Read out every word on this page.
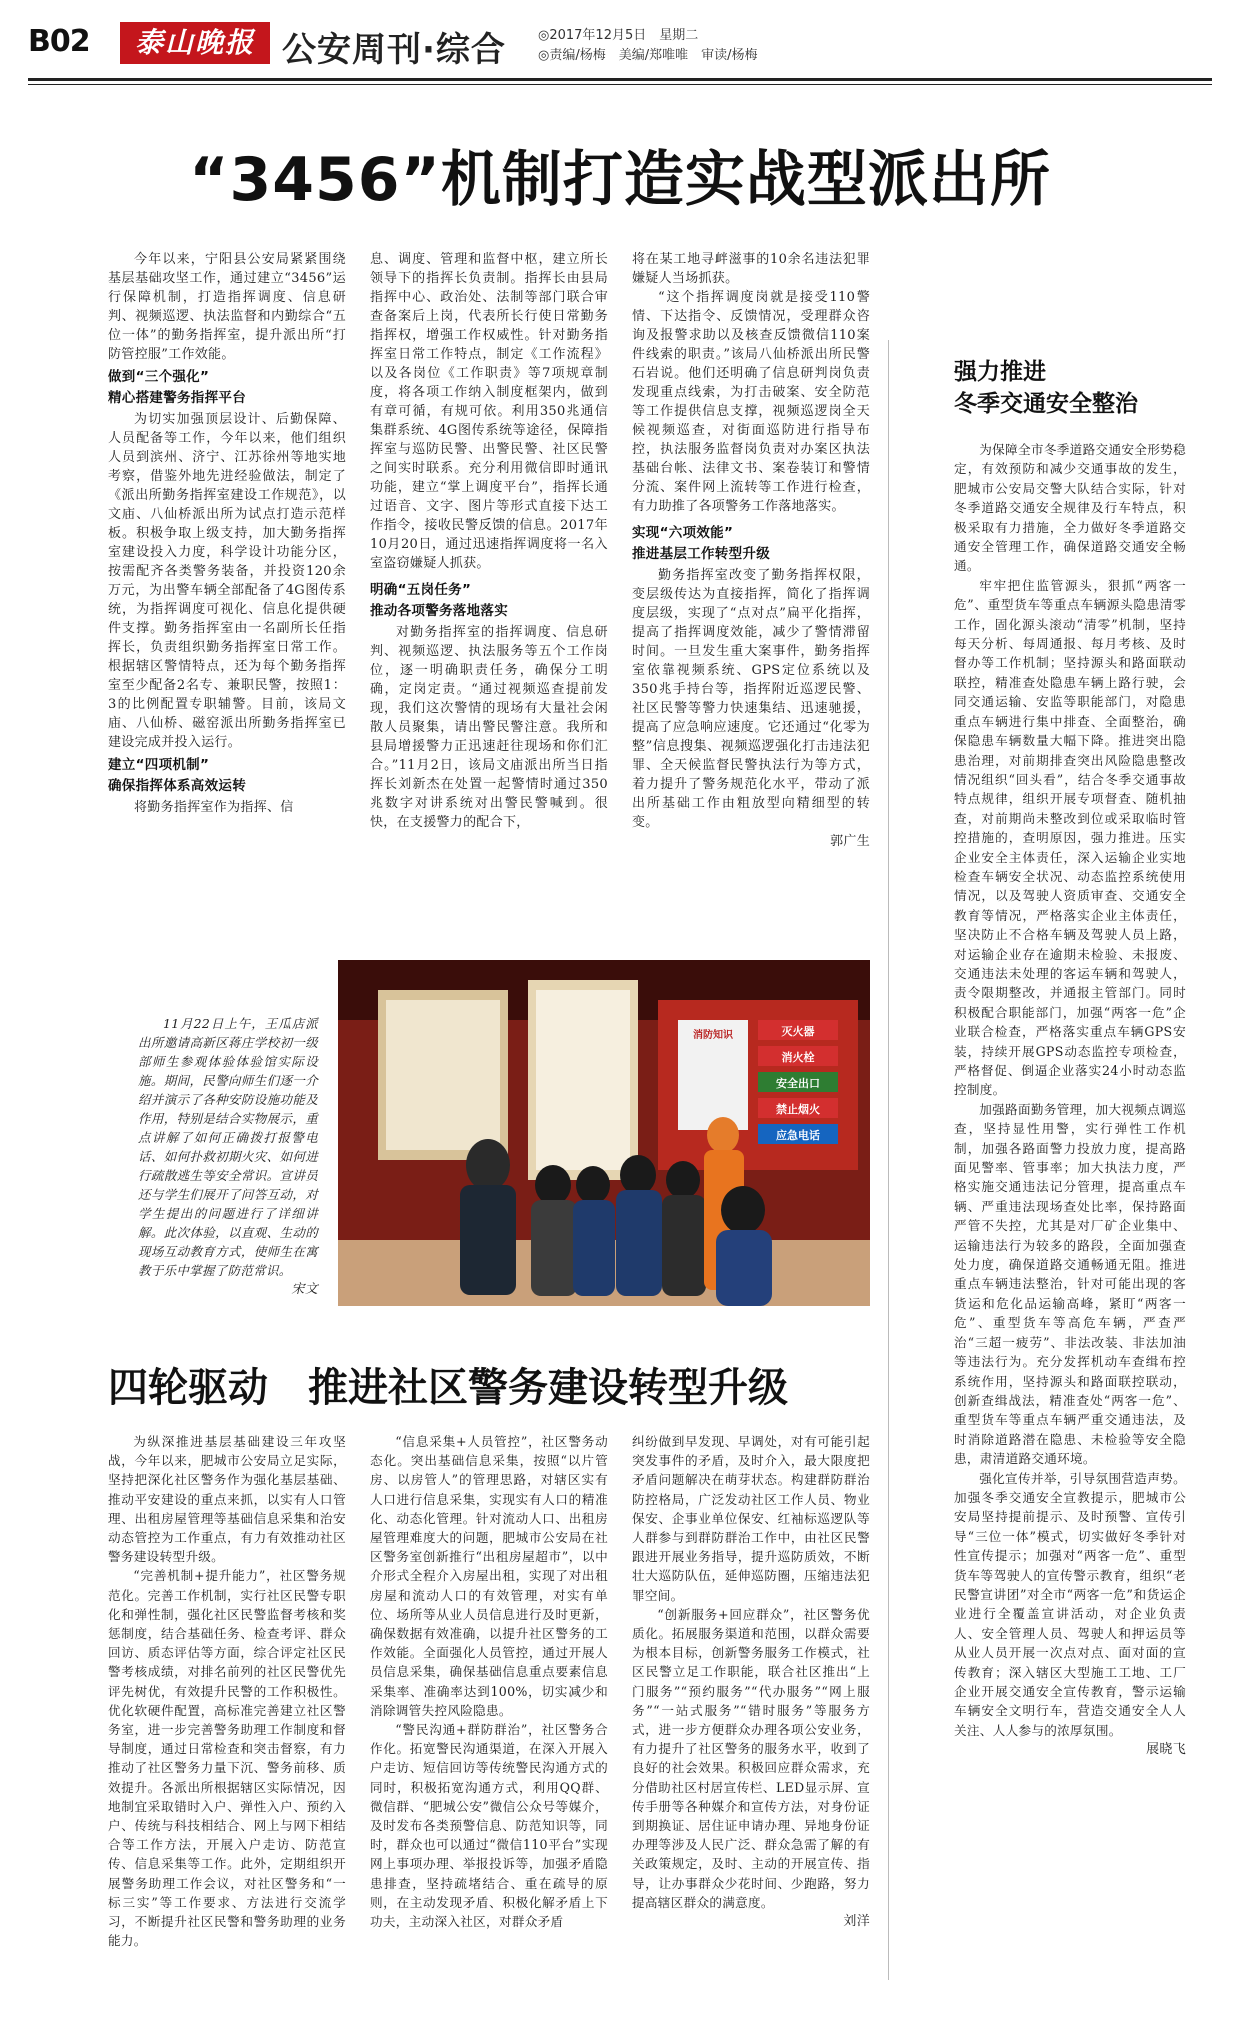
B02	泰山晚报 公安周刊·综合 ◎2017年12月5日　星期二
◎责编/杨梅　美编/郑唯唯　审读/杨梅
“3456”机制打造实战型派出所

今年以来，宁阳县公安局紧紧围绕基层基础攻坚工作，通过建立“3456”运行保障机制，打造指挥调度、信息研判、视频巡逻、执法监督和内勤综合“五位一体”的勤务指挥室，提升派出所“打防管控服”工作效能。

做到“三个强化”
精心搭建警务指挥平台

为切实加强顶层设计、后勤保障、人员配备等工作，今年以来，他们组织人员到滨州、济宁、江苏徐州等地实地考察，借鉴外地先进经验做法，制定了《派出所勤务指挥室建设工作规范》，以文庙、八仙桥派出所为试点打造示范样板。积极争取上级支持，加大勤务指挥室建设投入力度，科学设计功能分区，按需配齐各类警务装备，并投资120余万元，为出警车辆全部配备了4G图传系统，为指挥调度可视化、信息化提供硬件支撑。勤务指挥室由一名副所长任指挥长，负责组织勤务指挥室日常工作。根据辖区警情特点，还为每个勤务指挥室至少配备2名专、兼职民警，按照1：3的比例配置专职辅警。目前，该局文庙、八仙桥、磁窑派出所勤务指挥室已建设完成并投入运行。

建立“四项机制”
确保指挥体系高效运转

将勤务指挥室作为指挥、信

息、调度、管理和监督中枢，建立所长领导下的指挥长负责制。指挥长由县局指挥中心、政治处、法制等部门联合审查备案后上岗，代表所长行使日常勤务指挥权，增强工作权威性。针对勤务指挥室日常工作特点，制定《工作流程》以及各岗位《工作职责》等7项规章制度，将各项工作纳入制度框架内，做到有章可循，有规可依。利用350兆通信集群系统、4G图传系统等途径，保障指挥室与巡防民警、出警民警、社区民警之间实时联系。充分利用微信即时通讯功能，建立“掌上调度平台”，指挥长通过语音、文字、图片等形式直接下达工作指令，接收民警反馈的信息。2017年10月20日，通过迅速指挥调度将一名入室盗窃嫌疑人抓获。

明确“五岗任务”
推动各项警务落地落实

对勤务指挥室的指挥调度、信息研判、视频巡逻、执法服务等五个工作岗位，逐一明确职责任务，确保分工明确，定岗定责。“通过视频巡查提前发现，我们这次警情的现场有大量社会闲散人员聚集，请出警民警注意。我所和县局增援警力正迅速赶往现场和你们汇合。”11月2日，该局文庙派出所当日指挥长刘新杰在处置一起警情时通过350兆数字对讲系统对出警民警喊到。很快，在支援警力的配合下，

将在某工地寻衅滋事的10余名违法犯罪嫌疑人当场抓获。

“这个指挥调度岗就是接受110警情、下达指令、反馈情况，受理群众咨询及报警求助以及核查反馈微信110案件线索的职责。”该局八仙桥派出所民警石岩说。他们还明确了信息研判岗负责发现重点线索，为打击破案、安全防范等工作提供信息支撑，视频巡逻岗全天候视频巡查，对街面巡防进行指导布控，执法服务监督岗负责对办案区执法基础台帐、法律文书、案卷装订和警情分流、案件网上流转等工作进行检查，有力助推了各项警务工作落地落实。

实现“六项效能”
推进基层工作转型升级

勤务指挥室改变了勤务指挥权限，变层级传达为直接指挥，简化了指挥调度层级，实现了“点对点”扁平化指挥，提高了指挥调度效能，减少了警情滞留时间。一旦发生重大案事件，勤务指挥室依靠视频系统、GPS定位系统以及350兆手持台等，指挥附近巡逻民警、社区民警等警力快速集结、迅速驰援，提高了应急响应速度。它还通过“化零为整”信息搜集、视频巡逻强化打击违法犯罪、全天候监督民警执法行为等方式，着力提升了警务规范化水平，带动了派出所基础工作由粗放型向精细型的转变。

郭广生

11月22日上午，王瓜店派出所邀请高新区蒋庄学校初一级部师生参观体验体验馆实际设施。期间，民警向师生们逐一介绍并演示了各种安防设施功能及作用，特别是结合实物展示，重点讲解了如何正确拨打报警电话、如何扑救初期火灾、如何进行疏散逃生等安全常识。宣讲员还与学生们展开了问答互动，对学生提出的问题进行了详细讲解。此次体验，以直观、生动的现场互动教育方式，使师生在寓教于乐中掌握了防范常识。

宋文
消防知识	灭火器
消火栓
安全出口
禁止烟火
应急电话
强力推进
冬季交通安全整治

为保障全市冬季道路交通安全形势稳定，有效预防和减少交通事故的发生，肥城市公安局交警大队结合实际，针对冬季道路交通安全规律及行车特点，积极采取有力措施，全力做好冬季道路交通安全管理工作，确保道路交通安全畅通。

牢牢把住监管源头，狠抓“两客一危”、重型货车等重点车辆源头隐患清零工作，固化源头滚动“清零”机制，坚持每天分析、每周通报、每月考核、及时督办等工作机制；坚持源头和路面联动联控，精准查处隐患车辆上路行驶，会同交通运输、安监等职能部门，对隐患重点车辆进行集中排查、全面整治，确保隐患车辆数量大幅下降。推进突出隐患治理，对前期排查突出风险隐患整改情况组织“回头看”，结合冬季交通事故特点规律，组织开展专项督查、随机抽查，对前期尚未整改到位或采取临时管控措施的，查明原因，强力推进。压实企业安全主体责任，深入运输企业实地检查车辆安全状况、动态监控系统使用情况，以及驾驶人资质审查、交通安全教育等情况，严格落实企业主体责任，坚决防止不合格车辆及驾驶人员上路，对运输企业存在逾期未检验、未报废、交通违法未处理的客运车辆和驾驶人，责令限期整改，并通报主管部门。同时积极配合职能部门，加强“两客一危”企业联合检查，严格落实重点车辆GPS安装，持续开展GPS动态监控专项检查，严格督促、倒逼企业落实24小时动态监控制度。

加强路面勤务管理，加大视频点调巡查，坚持显性用警，实行弹性工作机制，加强各路面警力投放力度，提高路面见警率、管事率；加大执法力度，严格实施交通违法记分管理，提高重点车辆、严重违法现场查处比率，保持路面严管不失控，尤其是对厂矿企业集中、运输违法行为较多的路段，全面加强查处力度，确保道路交通畅通无阻。推进重点车辆违法整治，针对可能出现的客货运和危化品运输高峰，紧盯“两客一危”、重型货车等高危车辆，严查严治“三超一疲劳”、非法改装、非法加油等违法行为。充分发挥机动车查缉布控系统作用，坚持源头和路面联控联动，创新查缉战法，精准查处“两客一危”、重型货车等重点车辆严重交通违法，及时消除道路潜在隐患、未检验等安全隐患，肃清道路交通环境。

强化宣传并举，引导氛围营造声势。加强冬季交通安全宣教提示，肥城市公安局坚持提前提示、及时预警、宣传引导“三位一体”模式，切实做好冬季针对性宣传提示；加强对“两客一危”、重型货车等驾驶人的宣传警示教育，组织“老民警宣讲团”对全市“两客一危”和货运企业进行全覆盖宣讲活动，对企业负责人、安全管理人员、驾驶人和押运员等从业人员开展一次点对点、面对面的宣传教育；深入辖区大型施工工地、工厂企业开展交通安全宣传教育，警示运输车辆安全文明行车，营造交通安全人人关注、人人参与的浓厚氛围。

展晓飞
四轮驱动　推进社区警务建设转型升级

为纵深推进基层基础建设三年攻坚战，今年以来，肥城市公安局立足实际，坚持把深化社区警务作为强化基层基础、推动平安建设的重点来抓，以实有人口管理、出租房屋管理等基础信息采集和治安动态管控为工作重点，有力有效推动社区警务建设转型升级。

“完善机制+提升能力”，社区警务规范化。完善工作机制，实行社区民警专职化和弹性制，强化社区民警监督考核和奖惩制度，结合基础任务、检查考评、群众回访、质态评估等方面，综合评定社区民警考核成绩，对排名前列的社区民警优先评先树优，有效提升民警的工作积极性。优化软硬件配置，高标准完善建立社区警务室，进一步完善警务助理工作制度和督导制度，通过日常检查和突击督察，有力推动了社区警务力量下沉、警务前移、质效提升。各派出所根据辖区实际情况，因地制宜采取错时入户、弹性入户、预约入户、传统与科技相结合、网上与网下相结合等工作方法，开展入户走访、防范宣传、信息采集等工作。此外，定期组织开展警务助理工作会议，对社区警务和“一标三实”等工作要求、方法进行交流学习，不断提升社区民警和警务助理的业务能力。

“信息采集+人员管控”，社区警务动态化。突出基础信息采集，按照“以片管房、以房管人”的管理思路，对辖区实有人口进行信息采集，实现实有人口的精准化、动态化管理。针对流动人口、出租房屋管理难度大的问题，肥城市公安局在社区警务室创新推行“出租房屋超市”，以中介形式全程介入房屋出租，实现了对出租房屋和流动人口的有效管理，对实有单位、场所等从业人员信息进行及时更新，确保数据有效准确，以提升社区警务的工作效能。全面强化人员管控，通过开展人员信息采集，确保基础信息重点要素信息采集率、准确率达到100%，切实减少和消除调管失控风险隐患。

“警民沟通+群防群治”，社区警务合作化。拓宽警民沟通渠道，在深入开展入户走访、短信回访等传统警民沟通方式的同时，积极拓宽沟通方式，利用QQ群、微信群、“肥城公安”微信公众号等媒介，及时发布各类预警信息、防范知识等，同时，群众也可以通过“微信110平台”实现网上事项办理、举报投诉等，加强矛盾隐患排查，坚持疏堵结合、重在疏导的原则，在主动发现矛盾、积极化解矛盾上下功夫，主动深入社区，对群众矛盾

纠纷做到早发现、早调处，对有可能引起突发事件的矛盾，及时介入，最大限度把矛盾问题解决在萌芽状态。构建群防群治防控格局，广泛发动社区工作人员、物业保安、企事业单位保安、红袖标巡逻队等人群参与到群防群治工作中，由社区民警跟进开展业务指导，提升巡防质效，不断壮大巡防队伍，延伸巡防圈，压缩违法犯罪空间。

“创新服务+回应群众”，社区警务优质化。拓展服务渠道和范围，以群众需要为根本目标，创新警务服务工作模式，社区民警立足工作职能，联合社区推出“上门服务”“预约服务”“代办服务”“网上服务”“一站式服务”“错时服务”等服务方式，进一步方便群众办理各项公安业务，有力提升了社区警务的服务水平，收到了良好的社会效果。积极回应群众需求，充分借助社区村居宣传栏、LED显示屏、宣传手册等各种媒介和宣传方法，对身份证到期换证、居住证申请办理、异地身份证办理等涉及人民广泛、群众急需了解的有关政策规定，及时、主动的开展宣传、指导，让办事群众少花时间、少跑路，努力提高辖区群众的满意度。

刘洋
